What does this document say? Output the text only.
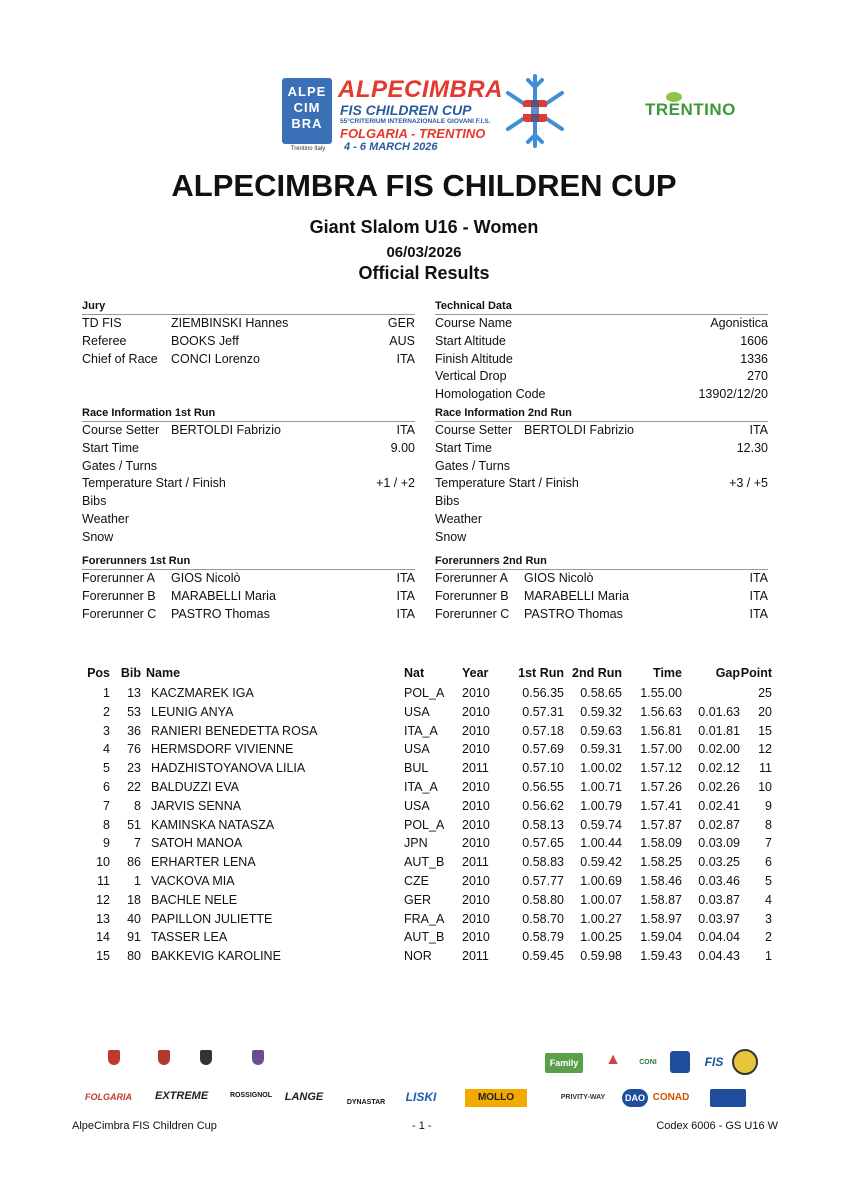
ALPE
CIM
BRA
Trentino Italy
ALPECIMBRA
FIS CHILDREN CUP
55°CRITERIUM INTERNAZIONALE GIOVANI F.I.S.
FOLGARIA - TRENTINO
4 - 6 MARCH 2026
TRENTINO
ALPECIMBRA FIS CHILDREN CUP
Giant Slalom U16 - Women
06/03/2026
Official Results
Jury
TD FIS	ZIEMBINSKI Hannes	GER
Referee	BOOKS Jeff	AUS
Chief of Race CONCI Lorenzo	ITA
Technical Data
Course Name	Agonistica
Start Altitude	1606
Finish Altitude	1336
Vertical Drop	270
Homologation Code	13902/12/20
Race Information 1st Run
Course Setter BERTOLDI Fabrizio	ITA
Start Time	9.00
Gates / Turns
Temperature Start / Finish	+1 / +2
Bibs
Weather
Snow
Race Information 2nd Run
Course Setter BERTOLDI Fabrizio	ITA
Start Time	12.30
Gates / Turns
Temperature Start / Finish	+3 / +5
Bibs
Weather
Snow
Forerunners 1st Run
Forerunner A GIOS Nicolò	ITA
Forerunner B MARABELLI Maria	ITA
Forerunner C PASTRO Thomas	ITA
Forerunners 2nd Run
Forerunner A GIOS Nicolò	ITA
Forerunner B MARABELLI Maria	ITA
Forerunner C PASTRO Thomas	ITA
Pos Bib Name	Nat	Year 1st Run 2nd Run Time	Gap Point
1 13 KACZMAREK IGA	POL_A 2010	0.56.35 0.58.65 1.55.00	25
2 53 LEUNIG ANYA	USA	2010	0.57.31 0.59.32 1.56.63 0.01.63 20
3 36 RANIERI BENEDETTA ROSA	ITA_A 2010	0.57.18 0.59.63 1.56.81 0.01.81 15
4 76 HERMSDORF VIVIENNE	USA	2010	0.57.69 0.59.31 1.57.00 0.02.00 12
5 23 HADZHISTOYANOVA LILIA	BUL	2011	0.57.10 1.00.02 1.57.12 0.02.12 11
6 22 BALDUZZI EVA	ITA_A 2010	0.56.55 1.00.71 1.57.26 0.02.26 10
7 8 JARVIS SENNA	USA	2010	0.56.62 1.00.79 1.57.41 0.02.41 9
8 51 KAMINSKA NATASZA	POL_A 2010	0.58.13 0.59.74 1.57.87 0.02.87 8
9 7 SATOH MANOA	JPN	2010	0.57.65 1.00.44 1.58.09 0.03.09 7
10 86 ERHARTER LENA	AUT_B 2011	0.58.83 0.59.42 1.58.25 0.03.25 6
11 1 VACKOVA MIA	CZE	2010	0.57.77 1.00.69 1.58.46 0.03.46 5
12 18 BACHLE NELE	GER 2010	0.58.80 1.00.07 1.58.87 0.03.87 4
13 40 PAPILLON JULIETTE	FRA_A 2010	0.58.70 1.00.27 1.58.97 0.03.97 3
14 91 TASSER LEA	AUT_B 2010	0.58.79 1.00.25 1.59.04 0.04.04 2
15 80 BAKKEVIG KAROLINE	NOR 2011	0.59.45 0.59.98 1.59.43 0.04.43 1
Family	▲	CONI	FIS
FOLGARIA EXTREME	ROSSIGNOL	LANGE	DYNASTAR	LISKI	MOLLO	PRIVITY-WAY	DAO CONAD
AlpeCimbra FIS Children Cup	- 1 -	Codex 6006 - GS U16 W
